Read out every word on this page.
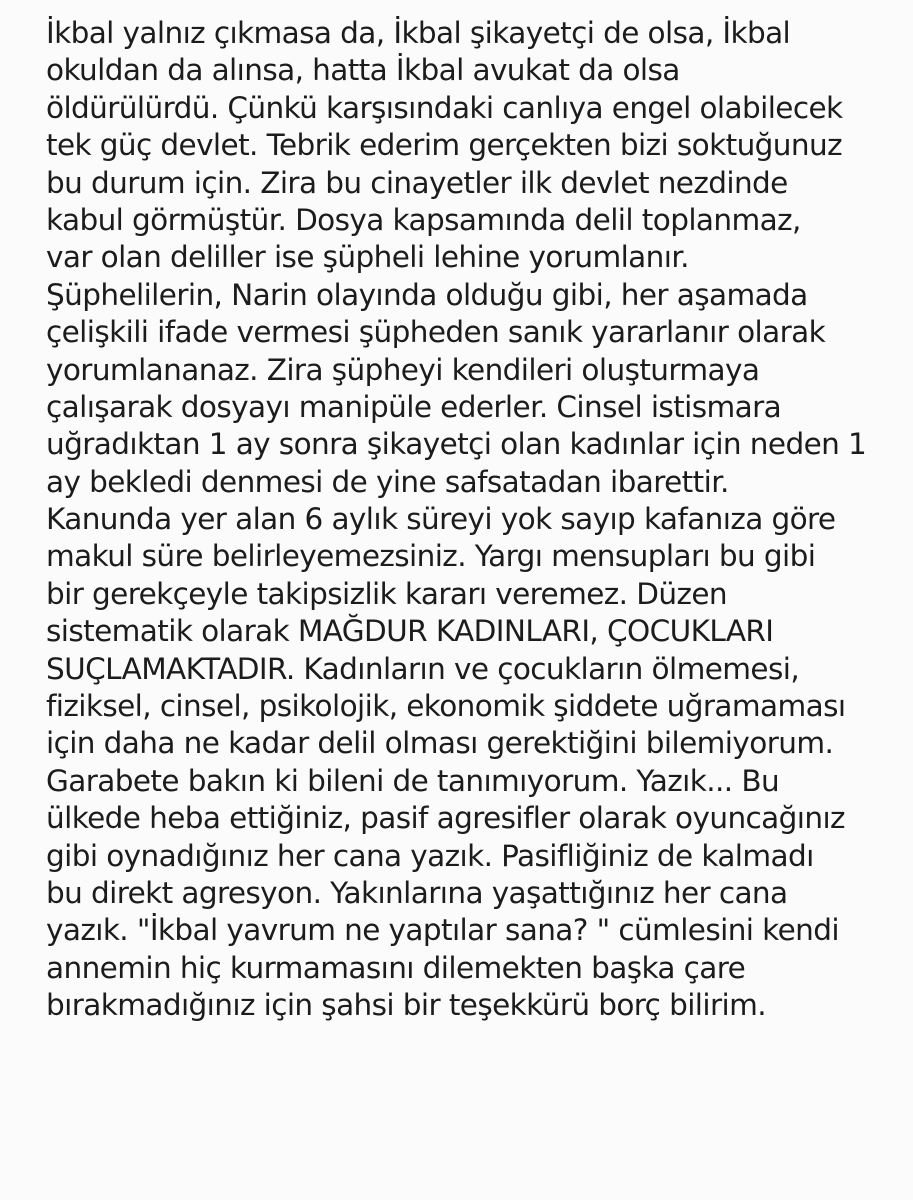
İkbal yalnız çıkmasa da, İkbal şikayetçi de olsa, İkbal
okuldan da alınsa, hatta İkbal avukat da olsa
öldürülürdü. Çünkü karşısındaki canlıya engel olabilecek
tek güç devlet. Tebrik ederim gerçekten bizi soktuğunuz
bu durum için. Zira bu cinayetler ilk devlet nezdinde
kabul görmüştür. Dosya kapsamında delil toplanmaz,
var olan deliller ise şüpheli lehine yorumlanır.
Şüphelilerin, Narin olayında olduğu gibi, her aşamada
çelişkili ifade vermesi şüpheden sanık yararlanır olarak
yorumlananaz. Zira şüpheyi kendileri oluşturmaya
çalışarak dosyayı manipüle ederler. Cinsel istismara
uğradıktan 1 ay sonra şikayetçi olan kadınlar için neden 1
ay bekledi denmesi de yine safsatadan ibarettir.
Kanunda yer alan 6 aylık süreyi yok sayıp kafanıza göre
makul süre belirleyemezsiniz. Yargı mensupları bu gibi
bir gerekçeyle takipsizlik kararı veremez. Düzen
sistematik olarak MAĞDUR KADINLARI, ÇOCUKLARI
SUÇLAMAKTADIR. Kadınların ve çocukların ölmemesi,
fiziksel, cinsel, psikolojik, ekonomik şiddete uğramaması
için daha ne kadar delil olması gerektiğini bilemiyorum.
Garabete bakın ki bileni de tanımıyorum. Yazık... Bu
ülkede heba ettiğiniz, pasif agresifler olarak oyuncağınız
gibi oynadığınız her cana yazık. Pasifliğiniz de kalmadı
bu direkt agresyon. Yakınlarına yaşattığınız her cana
yazık. "İkbal yavrum ne yaptılar sana? " cümlesini kendi
annemin hiç kurmamasını dilemekten başka çare
bırakmadığınız için şahsi bir teşekkürü borç bilirim.
